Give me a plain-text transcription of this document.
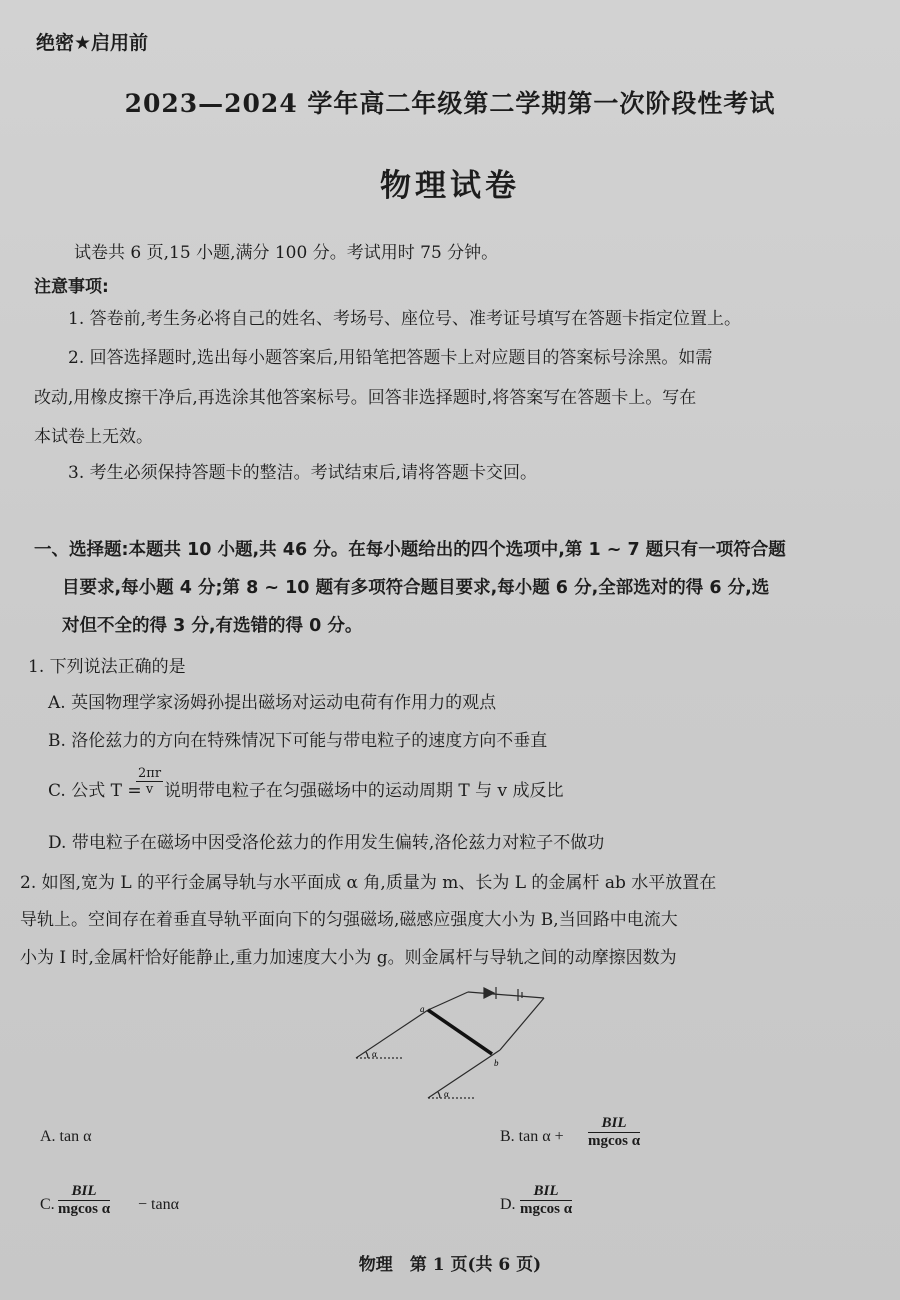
绝密★启用前
2023—2024 学年高二年级第二学期第一次阶段性考试
物理试卷
试卷共 6 页,15 小题,满分 100 分。考试用时 75 分钟。
注意事项:
1. 答卷前,考生务必将自己的姓名、考场号、座位号、准考证号填写在答题卡指定位置上。
2. 回答选择题时,选出每小题答案后,用铅笔把答题卡上对应题目的答案标号涂黑。如需
改动,用橡皮擦干净后,再选涂其他答案标号。回答非选择题时,将答案写在答题卡上。写在
本试卷上无效。
3. 考生必须保持答题卡的整洁。考试结束后,请将答题卡交回。
一、选择题:本题共 10 小题,共 46 分。在每小题给出的四个选项中,第 1 ~ 7 题只有一项符合题
目要求,每小题 4 分;第 8 ~ 10 题有多项符合题目要求,每小题 6 分,全部选对的得 6 分,选
对但不全的得 3 分,有选错的得 0 分。
1. 下列说法正确的是
A. 英国物理学家汤姆孙提出磁场对运动电荷有作用力的观点
B. 洛伦兹力的方向在特殊情况下可能与带电粒子的速度方向不垂直
C. 公式 T =
$\frac{2\pi r}{v}$ 说明带电粒子在匀强磁场中的运动周期 T 与 v 成反比
D. 带电粒子在磁场中因受洛伦兹力的作用发生偏转,洛伦兹力对粒子不做功
2. 如图,宽为 L 的平行金属导轨与水平面成 α 角,质量为 m、长为 L 的金属杆 ab 水平放置在
导轨上。空间存在着垂直导轨平面向下的匀强磁场,磁感应强度大小为 B,当回路中电流大
小为 I 时,金属杆恰好能静止,重力加速度大小为 g。则金属杆与导轨之间的动摩擦因数为
a
b
α
α
A. tan α	B. tan α +
BIL
mgcos α
C.
BIL
mgcos α − tanα	D.
BIL
mgcos α
物理　第 1 页(共 6 页)
